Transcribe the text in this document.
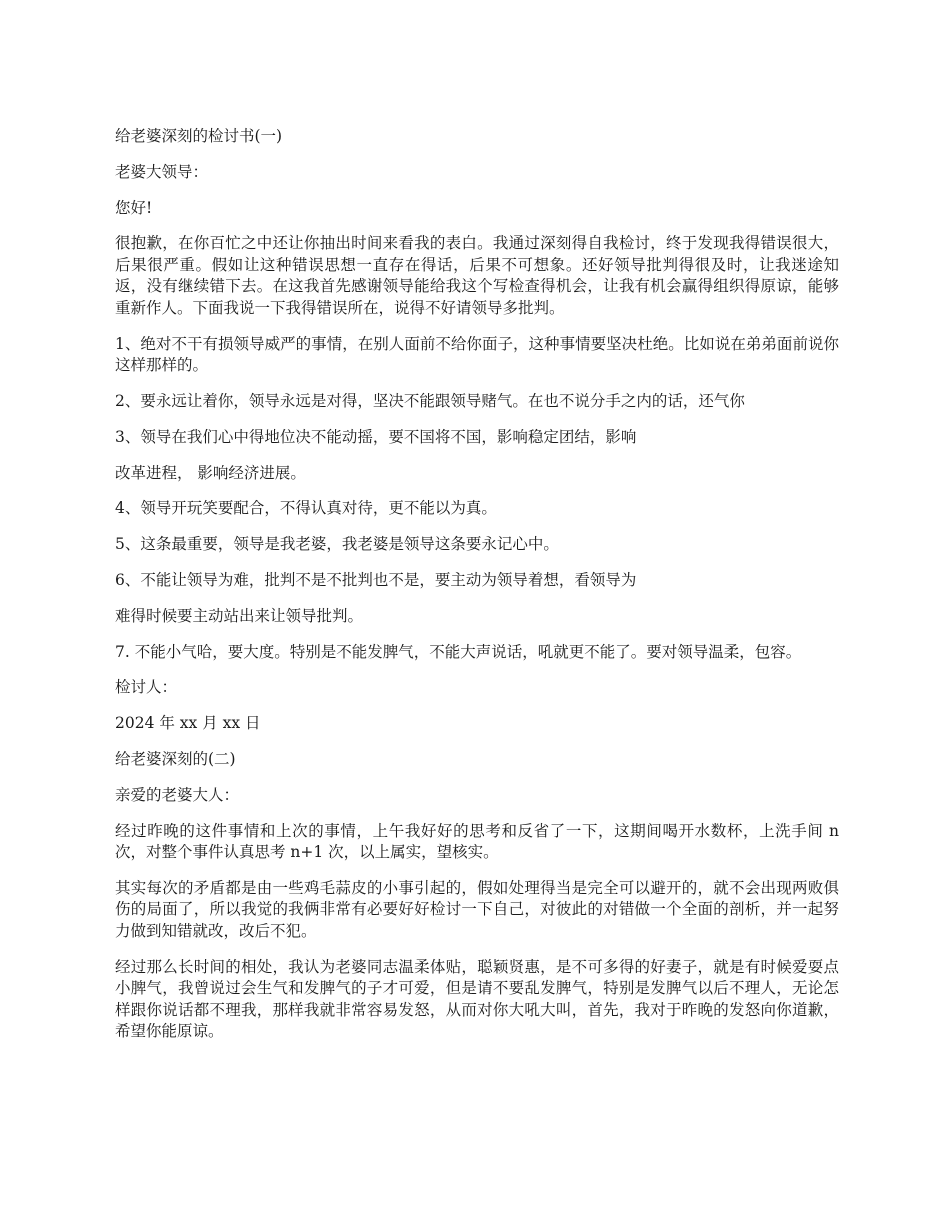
给老婆深刻的检讨书(一)

老婆大领导：

您好!

很抱歉，在你百忙之中还让你抽出时间来看我的表白。我通过深刻得自我检讨，终于发现我得错误很大，后果很严重。假如让这种错误思想一直存在得话，后果不可想象。还好领导批判得很及时，让我迷途知返，没有继续错下去。在这我首先感谢领导能给我这个写检查得机会，让我有机会赢得组织得原谅，能够重新作人。下面我说一下我得错误所在，说得不好请领导多批判。

1、绝对不干有损领导威严的事情，在别人面前不给你面子，这种事情要坚决杜绝。比如说在弟弟面前说你这样那样的。

2、要永远让着你，领导永远是对得，坚决不能跟领导赌气。在也不说分手之内的话，还气你

3、领导在我们心中得地位决不能动摇，要不国将不国，影响稳定团结，影响

改革进程， 影响经济进展。

4、领导开玩笑要配合，不得认真对待，更不能以为真。

5、这条最重要，领导是我老婆，我老婆是领导这条要永记心中。

6、不能让领导为难，批判不是不批判也不是，要主动为领导着想，看领导为

难得时候要主动站出来让领导批判。

7. 不能小气哈，要大度。特别是不能发脾气，不能大声说话，吼就更不能了。要对领导温柔，包容。

检讨人：

2024 年 xx 月 xx 日

给老婆深刻的(二)

亲爱的老婆大人：

经过昨晚的这件事情和上次的事情，上午我好好的思考和反省了一下，这期间喝开水数杯，上洗手间 n 次，对整个事件认真思考 n+1 次，以上属实，望核实。

其实每次的矛盾都是由一些鸡毛蒜皮的小事引起的，假如处理得当是完全可以避开的，就不会出现两败俱伤的局面了，所以我觉的我俩非常有必要好好检讨一下自己，对彼此的对错做一个全面的剖析，并一起努力做到知错就改，改后不犯。

经过那么长时间的相处，我认为老婆同志温柔体贴，聪颖贤惠，是不可多得的好妻子，就是有时候爱耍点小脾气，我曾说过会生气和发脾气的子才可爱，但是请不要乱发脾气，特别是发脾气以后不理人，无论怎样跟你说话都不理我，那样我就非常容易发怒，从而对你大吼大叫，首先，我对于昨晚的发怒向你道歉，希望你能原谅。
